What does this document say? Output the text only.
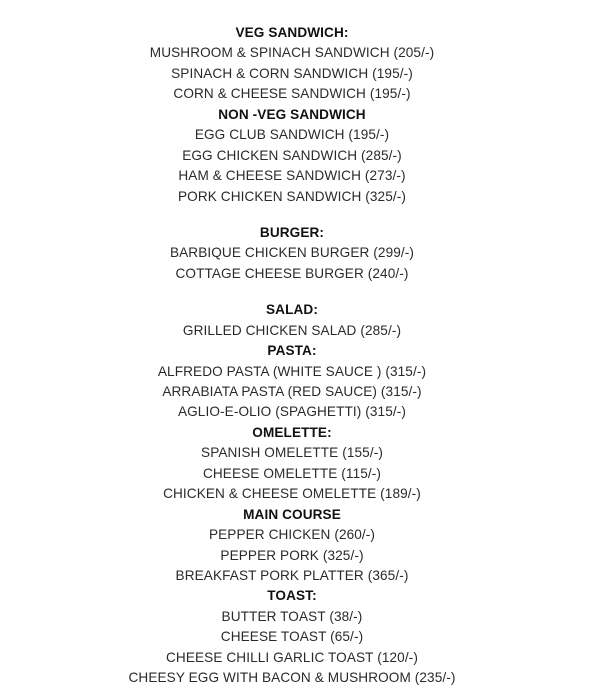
VEG SANDWICH:
MUSHROOM & SPINACH SANDWICH (205/-)
SPINACH & CORN SANDWICH (195/-)
CORN & CHEESE SANDWICH (195/-)
NON -VEG SANDWICH
EGG CLUB SANDWICH (195/-)
EGG CHICKEN SANDWICH (285/-)
HAM & CHEESE SANDWICH (273/-)
PORK CHICKEN SANDWICH (325/-)
BURGER:
BARBIQUE CHICKEN BURGER (299/-)
COTTAGE CHEESE BURGER (240/-)
SALAD:
GRILLED CHICKEN SALAD (285/-)
PASTA:
ALFREDO PASTA (WHITE SAUCE ) (315/-)
ARRABIATA PASTA (RED SAUCE) (315/-)
AGLIO-E-OLIO (SPAGHETTI) (315/-)
OMELETTE:
SPANISH OMELETTE (155/-)
CHEESE OMELETTE (115/-)
CHICKEN & CHEESE OMELETTE (189/-)
MAIN COURSE
PEPPER CHICKEN (260/-)
PEPPER PORK (325/-)
BREAKFAST PORK PLATTER (365/-)
TOAST:
BUTTER TOAST (38/-)
CHEESE TOAST (65/-)
CHEESE CHILLI GARLIC TOAST (120/-)
CHEESY EGG WITH BACON & MUSHROOM (235/-)
